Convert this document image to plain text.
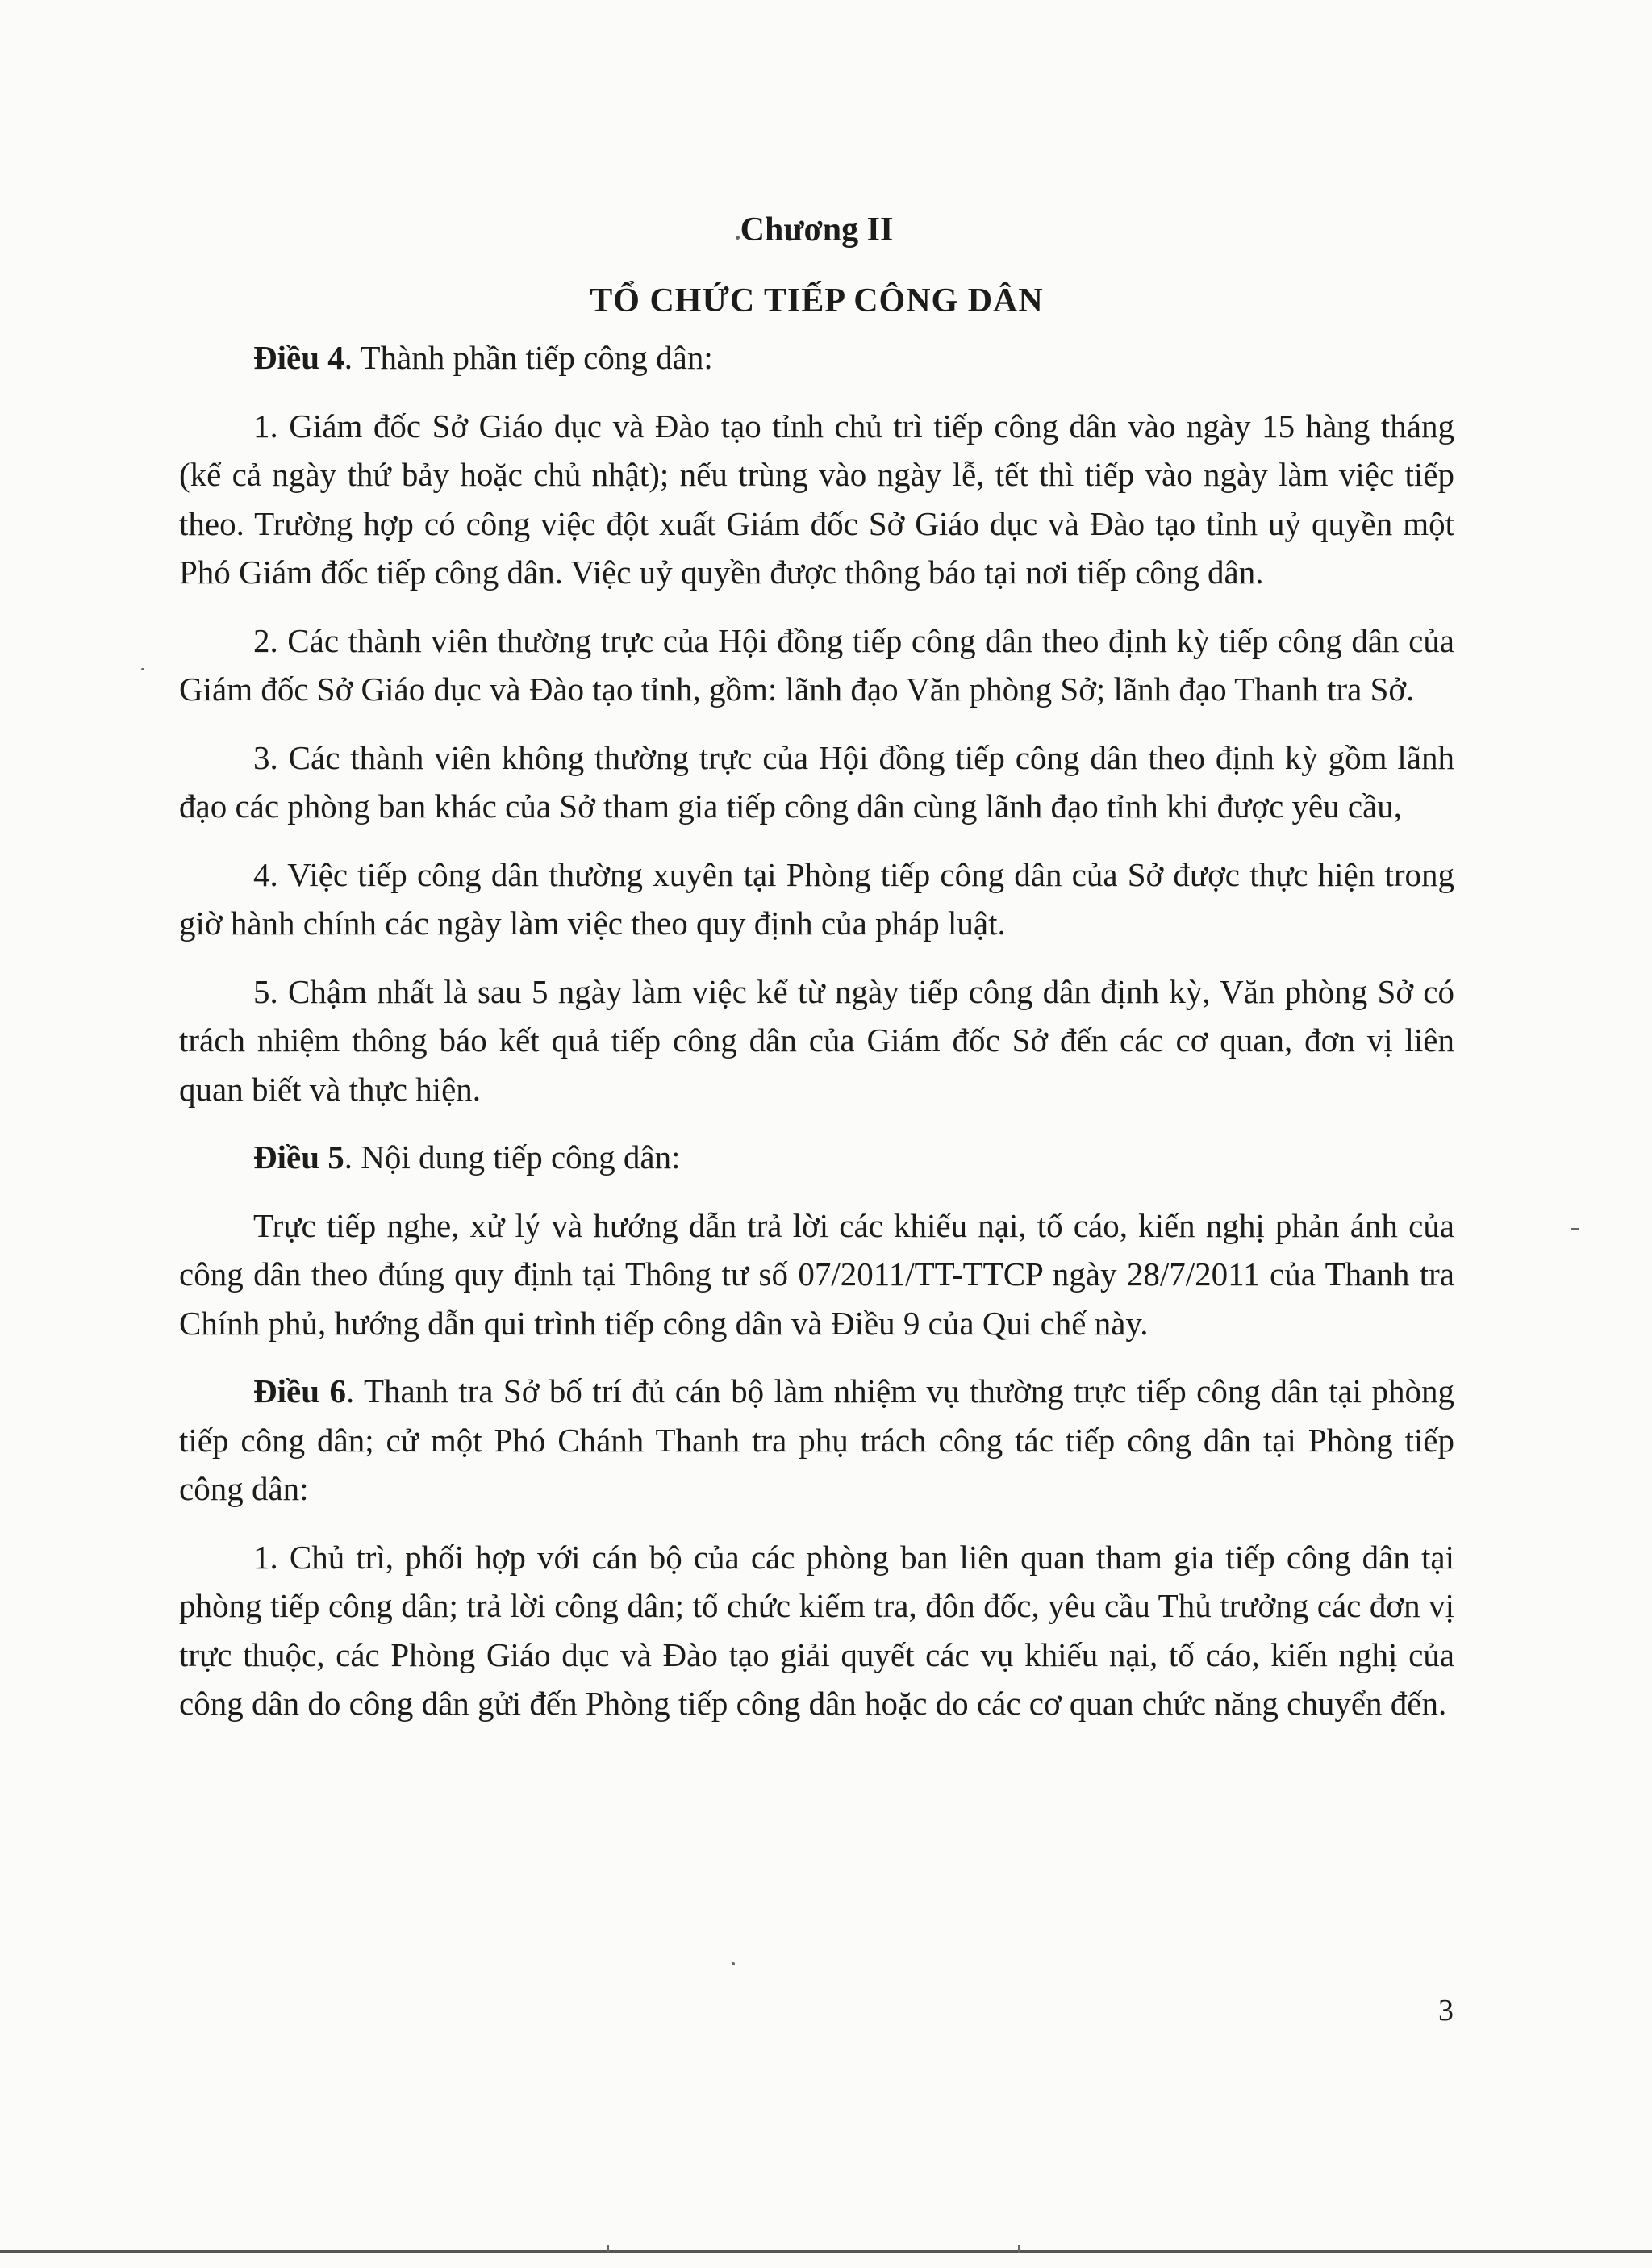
Chương II
TỔ CHỨC TIẾP CÔNG DÂN

Điều 4. Thành phần tiếp công dân:

1. Giám đốc Sở Giáo dục và Đào tạo tỉnh chủ trì tiếp công dân vào ngày 15 hàng tháng (kể cả ngày thứ bảy hoặc chủ nhật); nếu trùng vào ngày lễ, tết thì tiếp vào ngày làm việc tiếp theo. Trường hợp có công việc đột xuất Giám đốc Sở Giáo dục và Đào tạo tỉnh uỷ quyền một Phó Giám đốc tiếp công dân. Việc uỷ quyền được thông báo tại nơi tiếp công dân.

2. Các thành viên thường trực của Hội đồng tiếp công dân theo định kỳ tiếp công dân của Giám đốc Sở Giáo dục và Đào tạo tỉnh, gồm: lãnh đạo Văn phòng Sở; lãnh đạo Thanh tra Sở.

3. Các thành viên không thường trực của Hội đồng tiếp công dân theo định kỳ gồm lãnh đạo các phòng ban khác của Sở tham gia tiếp công dân cùng lãnh đạo tỉnh khi được yêu cầu,

4. Việc tiếp công dân thường xuyên tại Phòng tiếp công dân của Sở được thực hiện trong giờ hành chính các ngày làm việc theo quy định của pháp luật.

5. Chậm nhất là sau 5 ngày làm việc kể từ ngày tiếp công dân định kỳ, Văn phòng Sở có trách nhiệm thông báo kết quả tiếp công dân của Giám đốc Sở đến các cơ quan, đơn vị liên quan biết và thực hiện.

Điều 5. Nội dung tiếp công dân:

Trực tiếp nghe, xử lý và hướng dẫn trả lời các khiếu nại, tố cáo, kiến nghị phản ánh của công dân theo đúng quy định tại Thông tư số 07/2011/TT-TTCP ngày 28/7/2011 của Thanh tra Chính phủ, hướng dẫn qui trình tiếp công dân và Điều 9 của Qui chế này.

Điều 6. Thanh tra Sở bố trí đủ cán bộ làm nhiệm vụ thường trực tiếp công dân tại phòng tiếp công dân; cử một Phó Chánh Thanh tra phụ trách công tác tiếp công dân tại Phòng tiếp công dân:

1. Chủ trì, phối hợp với cán bộ của các phòng ban liên quan tham gia tiếp công dân tại phòng tiếp công dân; trả lời công dân; tổ chức kiểm tra, đôn đốc, yêu cầu Thủ trưởng các đơn vị trực thuộc, các Phòng Giáo dục và Đào tạo giải quyết các vụ khiếu nại, tố cáo, kiến nghị của công dân do công dân gửi đến Phòng tiếp công dân hoặc do các cơ quan chức năng chuyển đến.

3
